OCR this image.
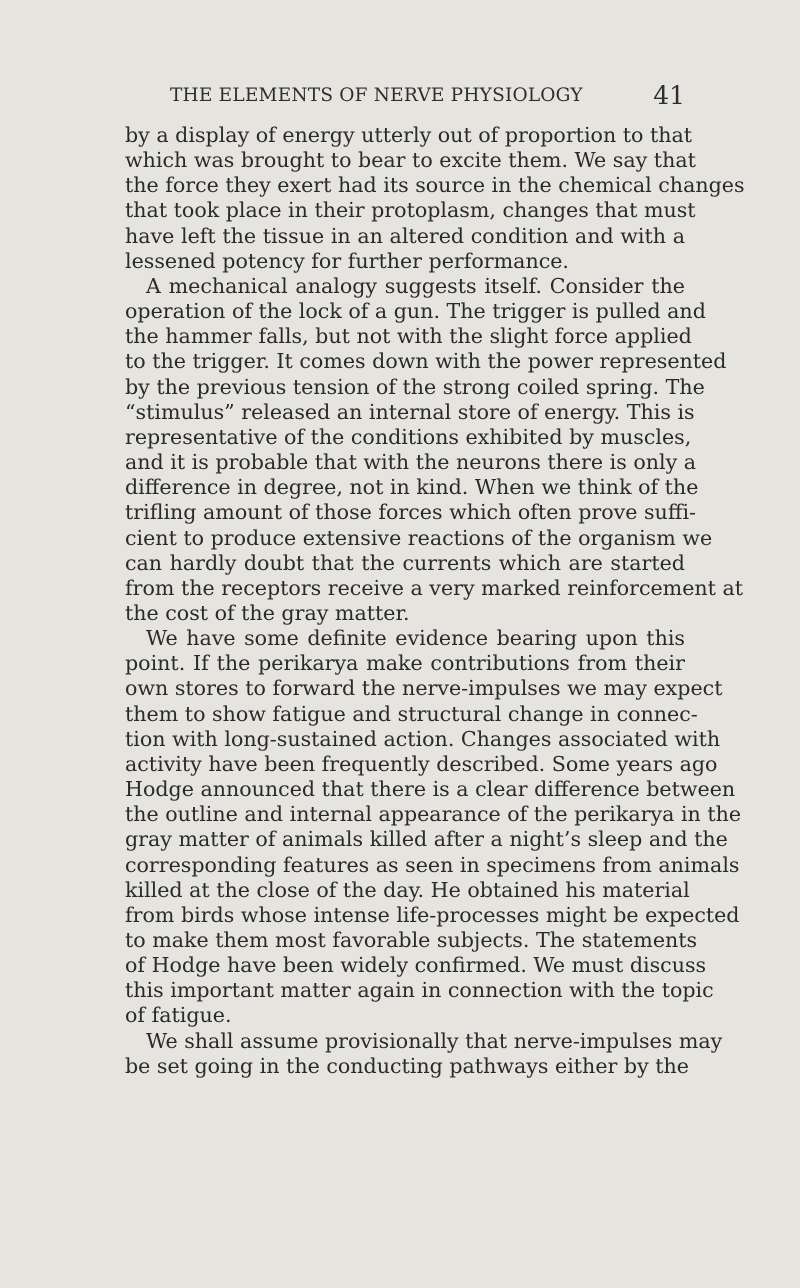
THE ELEMENTS OF NERVE PHYSIOLOGY	41
by a display of energy utterly out of proportion to that
which was brought to bear to excite them. We say that
the force they exert had its source in the chemical changes
that took place in their protoplasm, changes that must
have left the tissue in an altered condition and with a
lessened potency for further performance.
A mechanical analogy suggests itself. Consider the
operation of the lock of a gun. The trigger is pulled and
the hammer falls, but not with the slight force applied
to the trigger. It comes down with the power represented
by the previous tension of the strong coiled spring. The
“stimulus” released an internal store of energy. This is
representative of the conditions exhibited by muscles,
and it is probable that with the neurons there is only a
difference in degree, not in kind. When we think of the
trifling amount of those forces which often prove suffi-
cient to produce extensive reactions of the organism we
can hardly doubt that the currents which are started
from the receptors receive a very marked reinforcement at
the cost of the gray matter.
We have some definite evidence bearing upon this
point. If the perikarya make contributions from their
own stores to forward the nerve-impulses we may expect
them to show fatigue and structural change in connec-
tion with long-sustained action. Changes associated with
activity have been frequently described. Some years ago
Hodge announced that there is a clear difference between
the outline and internal appearance of the perikarya in the
gray matter of animals killed after a night’s sleep and the
corresponding features as seen in specimens from animals
killed at the close of the day. He obtained his material
from birds whose intense life-processes might be expected
to make them most favorable subjects. The statements
of Hodge have been widely confirmed. We must discuss
this important matter again in connection with the topic
of fatigue.
We shall assume provisionally that nerve-impulses may
be set going in the conducting pathways either by the
